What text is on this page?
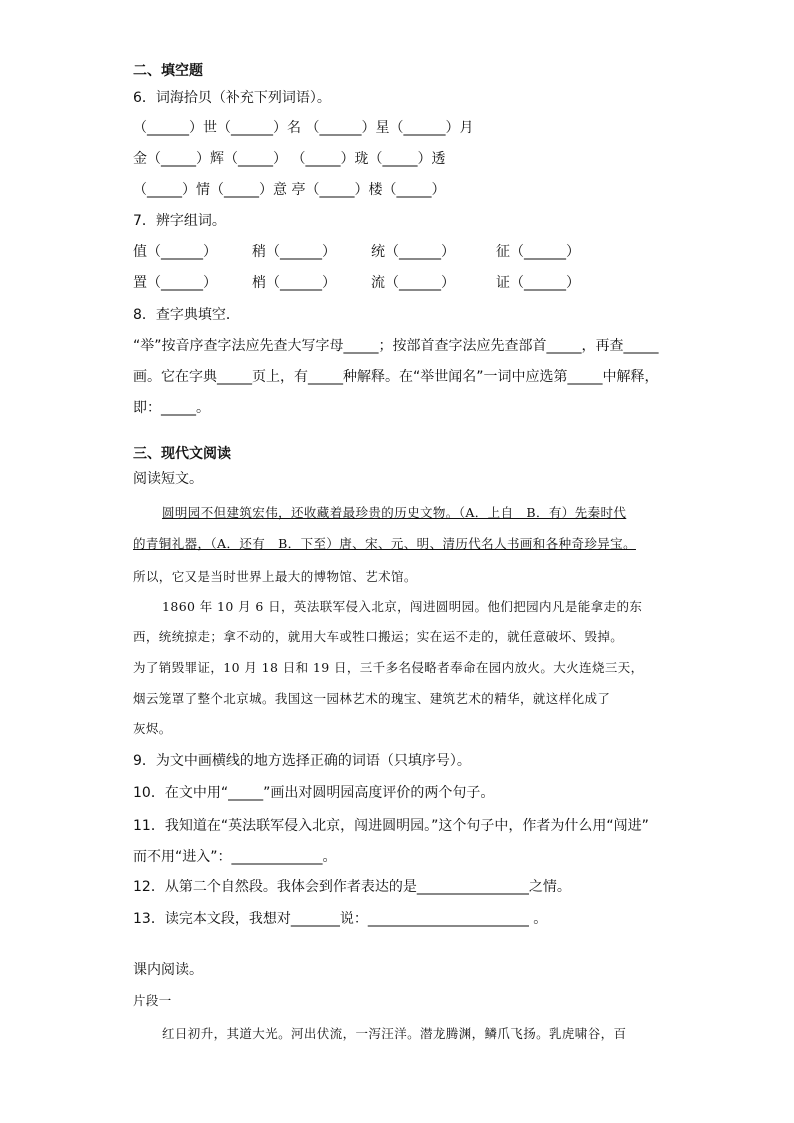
二、填空题
6．词海拾贝（补充下列词语）。
（______）世（______）名 （______）星（______）月
金（_____）辉（_____） （_____）珑（_____）透
（_____）情（_____）意 亭（_____）楼（_____）
7．辨字组词。
值（______）	稍（______）	统（______）	征（______）
置（______）	梢（______）	流（______）	证（______）
8．查字典填空．
“举”按音序查字法应先查大写字母_____；按部首查字法应先查部首_____，再查_____
画。它在字典_____页上，有_____种解释。在“举世闻名”一词中应选第_____中解释，
即：_____。
三、现代文阅读
阅读短文。
圆明园不但建筑宏伟，还收藏着最珍贵的历史文物。（A．上自　B．有）先秦时代
的青铜礼器，（A．还有　B．下至）唐、宋、元、明、清历代名人书画和各种奇珍异宝。
所以，它又是当时世界上最大的博物馆、艺术馆。
1860 年 10 月 6 日，英法联军侵入北京，闯进圆明园。他们把园内凡是能拿走的东
西，统统掠走；拿不动的，就用大车或牲口搬运；实在运不走的，就任意破坏、毁掉。
为了销毁罪证，10 月 18 日和 19 日，三千多名侵略者奉命在园内放火。大火连烧三天，
烟云笼罩了整个北京城。我国这一园林艺术的瑰宝、建筑艺术的精华，就这样化成了
灰烬。
9．为文中画横线的地方选择正确的词语（只填序号）。
10．在文中用“_____”画出对圆明园高度评价的两个句子。
11．我知道在“英法联军侵入北京，闯进圆明园。”这个句子中，作者为什么用“闯进”
而不用“进入”：_____________。
12．从第二个自然段。我体会到作者表达的是________________之情。
13．读完本文段，我想对_______说：_______________________ 。
课内阅读。
片段一
红日初升，其道大光。河出伏流，一泻汪洋。潜龙腾渊，鳞爪飞扬。乳虎啸谷，百
